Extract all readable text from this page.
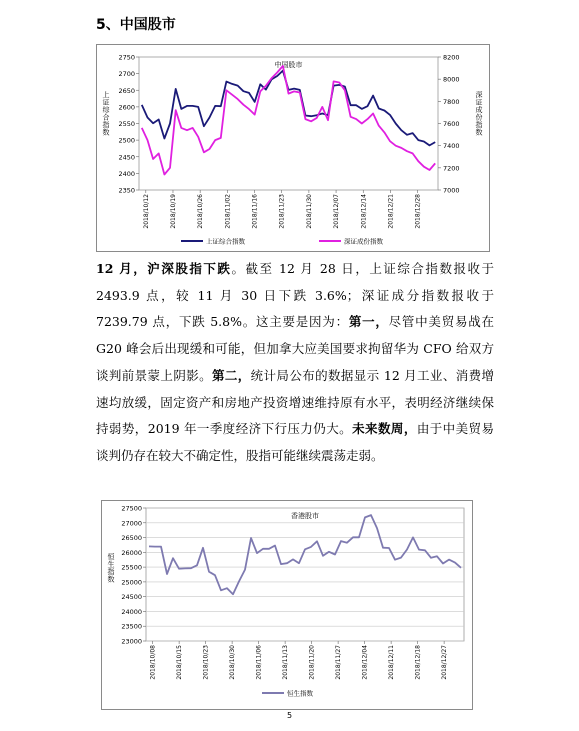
5、中国股市
中国股市
2350
2400
2450
2500
2550
2600
2650
2700
2750
7000
7200
7400
7600
7800
8000
8200
2018/10/12	2018/10/19	2018/10/26	2018/11/02	2018/11/16	2018/11/23	2018/11/30	2018/12/07	2018/12/14	2018/12/21	2018/12/28
上证综合指数
深证成份指数
上证综合指数	深证成份指数

12 月，沪深股指下跌。截至 12 月 28 日，上证综合指数报收于 2493.9 点，较 11 月 30 日下跌 3.6%；深证成分指数报收于 7239.79 点，下跌 5.8%。这主要是因为：第一，尽管中美贸易战在 G20 峰会后出现缓和可能，但加拿大应美国要求拘留华为 CFO 给双方谈判前景蒙上阴影。第二，统计局公布的数据显示 12 月工业、消费增速均放缓，固定资产和房地产投资增速维持原有水平，表明经济继续保持弱势，2019 年一季度经济下行压力仍大。未来数周，由于中美贸易谈判仍存在较大不确定性，股指可能继续震荡走弱。

香港股市
23000
23500
24000
24500
25000
25500
26000
26500
27000
27500
2018/10/08	2018/10/15	2018/10/23	2018/10/30	2018/11/06	2018/11/13	2018/11/20	2018/11/27	2018/12/04	2018/12/11	2018/12/18	2018/12/27
恒生指数
恒生指数
5
